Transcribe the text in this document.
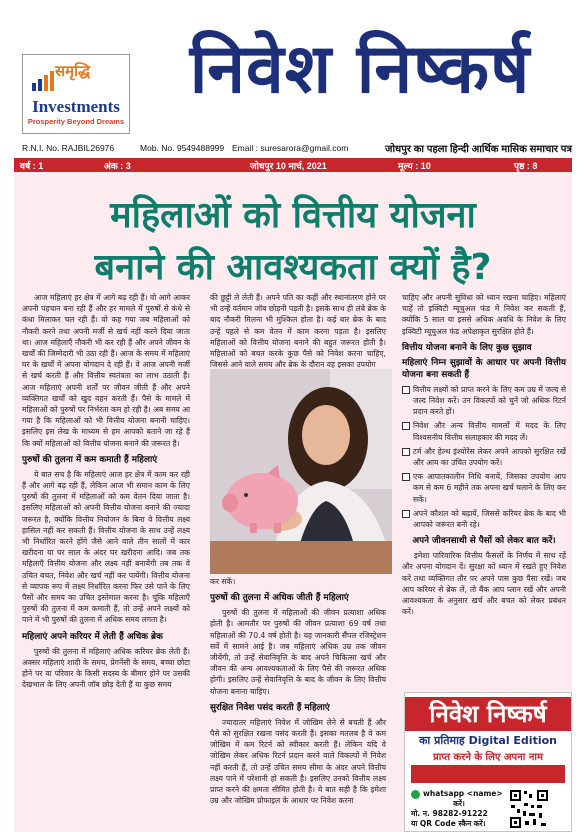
समृद्धि
Investments
Prosperity Beyond Dreams
निवेश निष्कर्ष
R.N.I. No. RAJBIL26976	Mob. No. 9549488999 Email : suresarora@gmail.com	जोधपुर का पहला हिन्दी आर्थिक मासिक समाचार पत्र
वर्ष : 1	अंक : 3	जोधपुर 10 मार्च, 2021	मूल्य : 10	पृष्ठ : 8
महिलाओं को वित्तीय योजना
बनाने की आवश्यकता क्यों है?

आज महिलाएं हर क्षेत्र में आगे बढ़ रही हैं। वो आगे आकर अपनी पहचान बना रही हैं और हर मामले में पुरुषों से कंधे से कंधा मिलाकर चल रही हैं। वो कह गया जब महिलाओं को नौकरी करने तथा अपनी मर्जी से खर्च नहीं करने दिया जाता था। आज महिलाएँ नौकरी भी कर रही हैं और अपने जीवन के खर्चों की जिम्मेदारी भी उठा रही हैं। आज के समय में महिलाएं घर के खर्चों में अपना योगदान दे रही हैं। वे आज अपनी मर्जी से खर्च करती हैं और वित्तीय स्वतंत्रता का लाभ उठाती हैं। आज महिलाएं अपनी शर्तों पर जीवन जीती हैं और अपने व्यक्तिगत खर्चों को खुद वहन करती हैं। पैसे के मामले में महिलाओं को पुरुषों पर निर्भरता कम हो रही है। अब समय आ गया है कि महिलाओं को भी वित्तीय योजना बनानी चाहिए। इसलिए इस लेख के माध्यम से हम आपको बताने जा रहे हैं कि क्यों महिलाओं को वित्तीय योजना बनाने की जरूरत है।

पुरुषों की तुलना में कम कमाती हैं महिलाएं

ये बात सच है कि महिलाएं आज हर क्षेत्र में काम कर रही हैं और आगे बढ़ रही हैं, लेकिन आज भी समान काम के लिए पुरुषों की तुलना में महिलाओं को कम वेतन दिया जाता है। इसलिए महिलाओं को अपनी वित्तीय योजना बनाने की ज्यादा जरूरत है, क्योंकि वित्तीय नियोजन के बिना वे वित्तीय लक्ष्य हासिल नहीं कर सकती हैं। वित्तीय योजना के साथ उन्हें लक्ष्य भी निर्धारित करने होंगे जैसे आने वाले तीन सालों में कार खरीदना या घर साल के अंदर घर खरीदना आदि। जब तक महिलाएँ वित्तीय योजना और लक्ष्य नहीं बनायेंगी तब तक वे उचित बचत, निवेश और खर्च नहीं कर पायेंगी। वित्तीय योजना से व्यापक रूप में लक्ष्य निर्धारित करना फिर उसे पाने के लिए पैसों और समय का उचित इस्तेमाल करना है। चूंकि महिलाएँ पुरुषों की तुलना में कम कमाती हैं, तो उन्हें अपने लक्ष्यों को पाने में भी पुरुषों की तुलना में अधिक समय लगता है।

महिलाएं अपने करियर में लेती हैं अधिक ब्रेक

पुरुषों की तुलना में महिलाएं अधिक करियर ब्रेक लेती हैं। अक्सर महिलाएं शादी के समय, प्रेगनेंसी के समय, बच्चा छोटा होने पर या परिवार के किसी सदस्य के बीमार होने पर उसकी देखभाल के लिए अपनी जॉब छोड़ देती हैं या कुछ समय

की छुट्टी ले लेती हैं। अपने पति का कहीं और स्थानांतरण होने पर भी उन्हें वर्तमान जॉब छोड़नी पड़ती है। इसके साथ ही लंबे ब्रेक के बाद नौकरी मिलना भी मुश्किल होता है। कई बार ब्रेक के बाद उन्हें पहले से कम वेतन में काम करना पड़ता है। इसलिए महिलाओं को वित्तीय योजना बनाने की बहुत जरूरत होती है। महिलाओं को बचत करके कुछ पैसे को निवेश करना चाहिए, जिससे आने वाले समय और ब्रेक के दौरान वह इसका उपयोग

कर सकें।

पुरुषों की तुलना में अधिक जीती हैं महिलाएं

पुरुषों की तुलना में महिलाओं की जीवन प्रत्याशा अधिक होती है। आमतौर पर पुरुषों की जीवन प्रत्याशा 69 वर्ष तथा महिलाओं की 70.4 वर्ष होती है। यह जानकारी सैंपल रजिस्ट्रेशन सर्वे में सामने आई है। जब महिलाएं अधिक उम्र तक जीवन जीयेंगी, तो उन्हें सेवानिवृत्ति के बाद अपने चिकित्सा खर्च और जीवन की अन्य आवश्यकताओं के लिए पैसे की जरूरत अधिक होगी। इसलिए उन्हें सेवानिवृत्ति के बाद के जीवन के लिए वित्तीय योजना बनाना चाहिए।

सुरक्षित निवेश पसंद करती हैं महिलाएं

ज्यादातर महिलाएं निवेश में जोखिम लेने से बचती हैं और पैसे को सुरक्षित रखना पसंद करती हैं। इसका मतलब है वे कम जोखिम में कम रिटर्न को स्वीकार करती हैं। लेकिन यदि वे जोखिम लेकर अधिक रिटर्न प्रदान करने वाले विकल्पों में निवेश नहीं करती हैं, तो उन्हें उचित समय सीमा के अंदर अपने वित्तीय लक्ष्य पाने में परेशानी हो सकती है। इसलिए उनको वित्तीय लक्ष्य प्राप्त करने की क्षमता सीमित होती है। ये बात सही है कि इमेशा उम्र और जोखिम प्रोफाइल के आधार पर निवेश करना

चाहिए और अपनी सुविधा को ध्यान रखना चाहिए। महिलाएं चाहें तो इक्विटी म्यूचुअल फंड में निवेश कर सकती हैं, क्योंकि 5 साल या इससे अधिक अवधि के निवेश के लिए इक्विटी म्यूचुअल फंड अपेक्षाकृत सुरक्षित होते हैं।

वित्तीय योजना बनाने के लिए कुछ सुझाव
महिलाएं निम्न सुझावों के आधार पर अपनी वित्तीय योजना बना सकती हैं
वित्तीय लक्ष्यों को प्राप्त करने के लिए कम उम्र में जल्द से जल्द निवेश करें। उन विकल्पों को चुनें जो अधिक रिटर्न प्रदान करते हों।
निवेश और अन्य वित्तीय मामलों में मदद के लिए विश्वसनीय वित्तीय सलाहकार की मदद लें।
टर्म और हेल्थ इंश्योरेंस लेकर अपने आपको सुरक्षित रखें और आय का उचित उपयोग करें।
एक आपातकालीन निधि बनायें, जिसका उपयोग आप कम से कम 6 महीने तक अपना खर्च चलाने के लिए कर सकें।
अपने कौशल को बढ़ायें, जिससे करियर ब्रेक के बाद भी आपको जरूरत बनी रहे।
अपने जीवनसाथी से पैसों को लेकर बात करें।

इमेशा पारिवारिक वित्तीय फैसलों के निर्णय में साथ रहें और अपना योगदान दें। सुरक्षा को ध्यान में रखते हुए निवेश करें तथा व्यक्तिगत तौर पर अपने पास कुछ पैसा रखें। जब आप करियर से ब्रेक लें, तो बैंक आप प्लान रखें और अपनी आवश्यकता के अनुसार खर्च और बचत को लेकर प्रबंधन करें।

निवेश निष्कर्ष
का प्रतिमाह Digital Edition
प्राप्त करने के लिए अपना नाम
whatsapp <name>
करें।
मो. न. 98282-91222
या QR Code स्कैन करें।
